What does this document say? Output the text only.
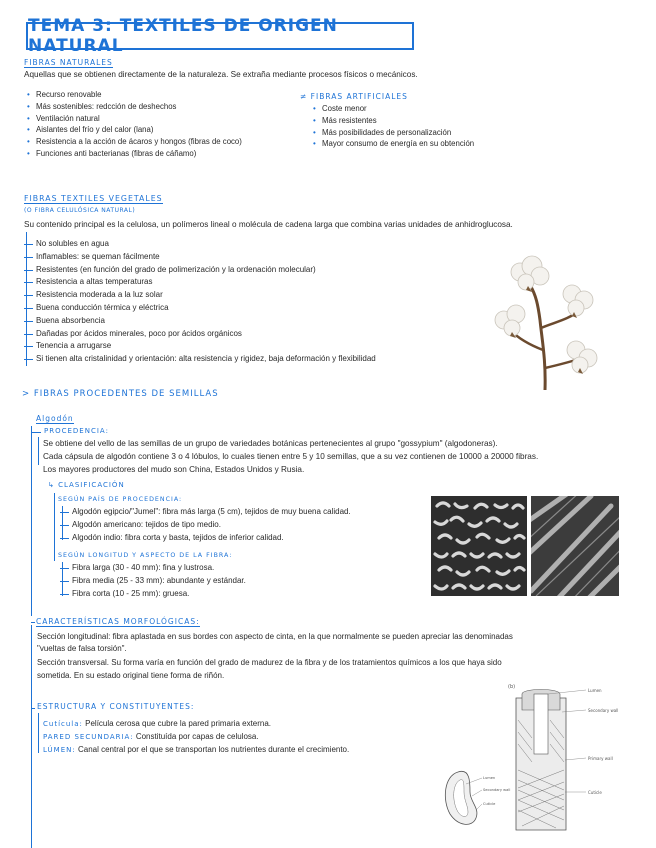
TEMA 3: TEXTILES DE ORIGEN NATURAL
FIBRAS NATURALES
Aquellas que se obtienen directamente de la naturaleza. Se extraña mediante procesos físicos o mecánicos.
• Recurso renovable
• Más sostenibles: redcción de deshechos
• Ventilación natural
• Aislantes del frío y del calor (lana)
• Resistencia a la acción de ácaros y hongos (fibras de coco)
• Funciones anti bacterianas (fibras de cáñamo)
≠ FIBRAS ARTIFICIALES
• Coste menor
• Más resistentes
• Más posibilidades de personalización
• Mayor consumo de energía en su obtención
FIBRAS TEXTILES VEGETALES
(O FIBRA CELULÓSICA NATURAL)
Su contenido principal es la celulosa, un polímeros lineal o molécula de cadena larga que combina varias unidades de anhidroglucosa.
No solubles en agua
Inflamables: se queman fácilmente
Resistentes (en función del grado de polimerización y la ordenación molecular)
Resistencia a altas temperaturas
Resistencia moderada a la luz solar
Buena conducción térmica y eléctrica
Buena absorbencia
Dañadas por ácidos minerales, poco por ácidos orgánicos
Tenencia a arrugarse
Si tienen alta cristalinidad y orientación: alta resistencia y rigidez, baja deformación y flexibilidad
> FIBRAS PROCEDENTES DE SEMILLAS
Algodón
PROCEDENCIA:
Se obtiene del vello de las semillas de un grupo de variedades botánicas pertenecientes al grupo "gossypium" (algodoneras).
Cada cápsula de algodón contiene 3 o 4 lóbulos, lo cuales tienen entre 5 y 10 semillas, que a su vez contienen de 10000 a 20000 fibras.
Los mayores productores del mudo son China, Estados Unidos y Rusia.
↳ CLASIFICACIÓN
SEGÚN PAÍS DE PROCEDENCIA:
Algodón egipcio/"Jumel": fibra más larga (5 cm), tejidos de muy buena calidad.
Algodón americano: tejidos de tipo medio.
Algodón indio: fibra corta y basta, tejidos de inferior calidad.
SEGÚN LONGITUD Y ASPECTO DE LA FIBRA:
Fibra larga (30 - 40 mm): fina y lustrosa.
Fibra media (25 - 33 mm): abundante y estándar.
Fibra corta (10 - 25 mm): gruesa.
CARACTERÍSTICAS MORFOLÓGICAS:
Sección longitudinal: fibra aplastada en sus bordes con aspecto de cinta, en la que normalmente se pueden apreciar las denominadas
"vueltas de falsa torsión".
Sección transversal. Su forma varía en función del grado de madurez de la fibra y de los tratamientos químicos a los que haya sido
sometida. En su estado original tiene forma de riñón.
ESTRUCTURA Y CONSTITUYENTES:
Cutícula: Película cerosa que cubre la pared primaria externa.
PARED SECUNDARIA: Constituída por capas de celulosa.
LÚMEN: Canal central por el que se transportan los nutrientes durante el crecimiento.
(b)
Lumen
Secondary wall
Primary wall
Cuticle
Lumen
Secondary wall
Cuticle
